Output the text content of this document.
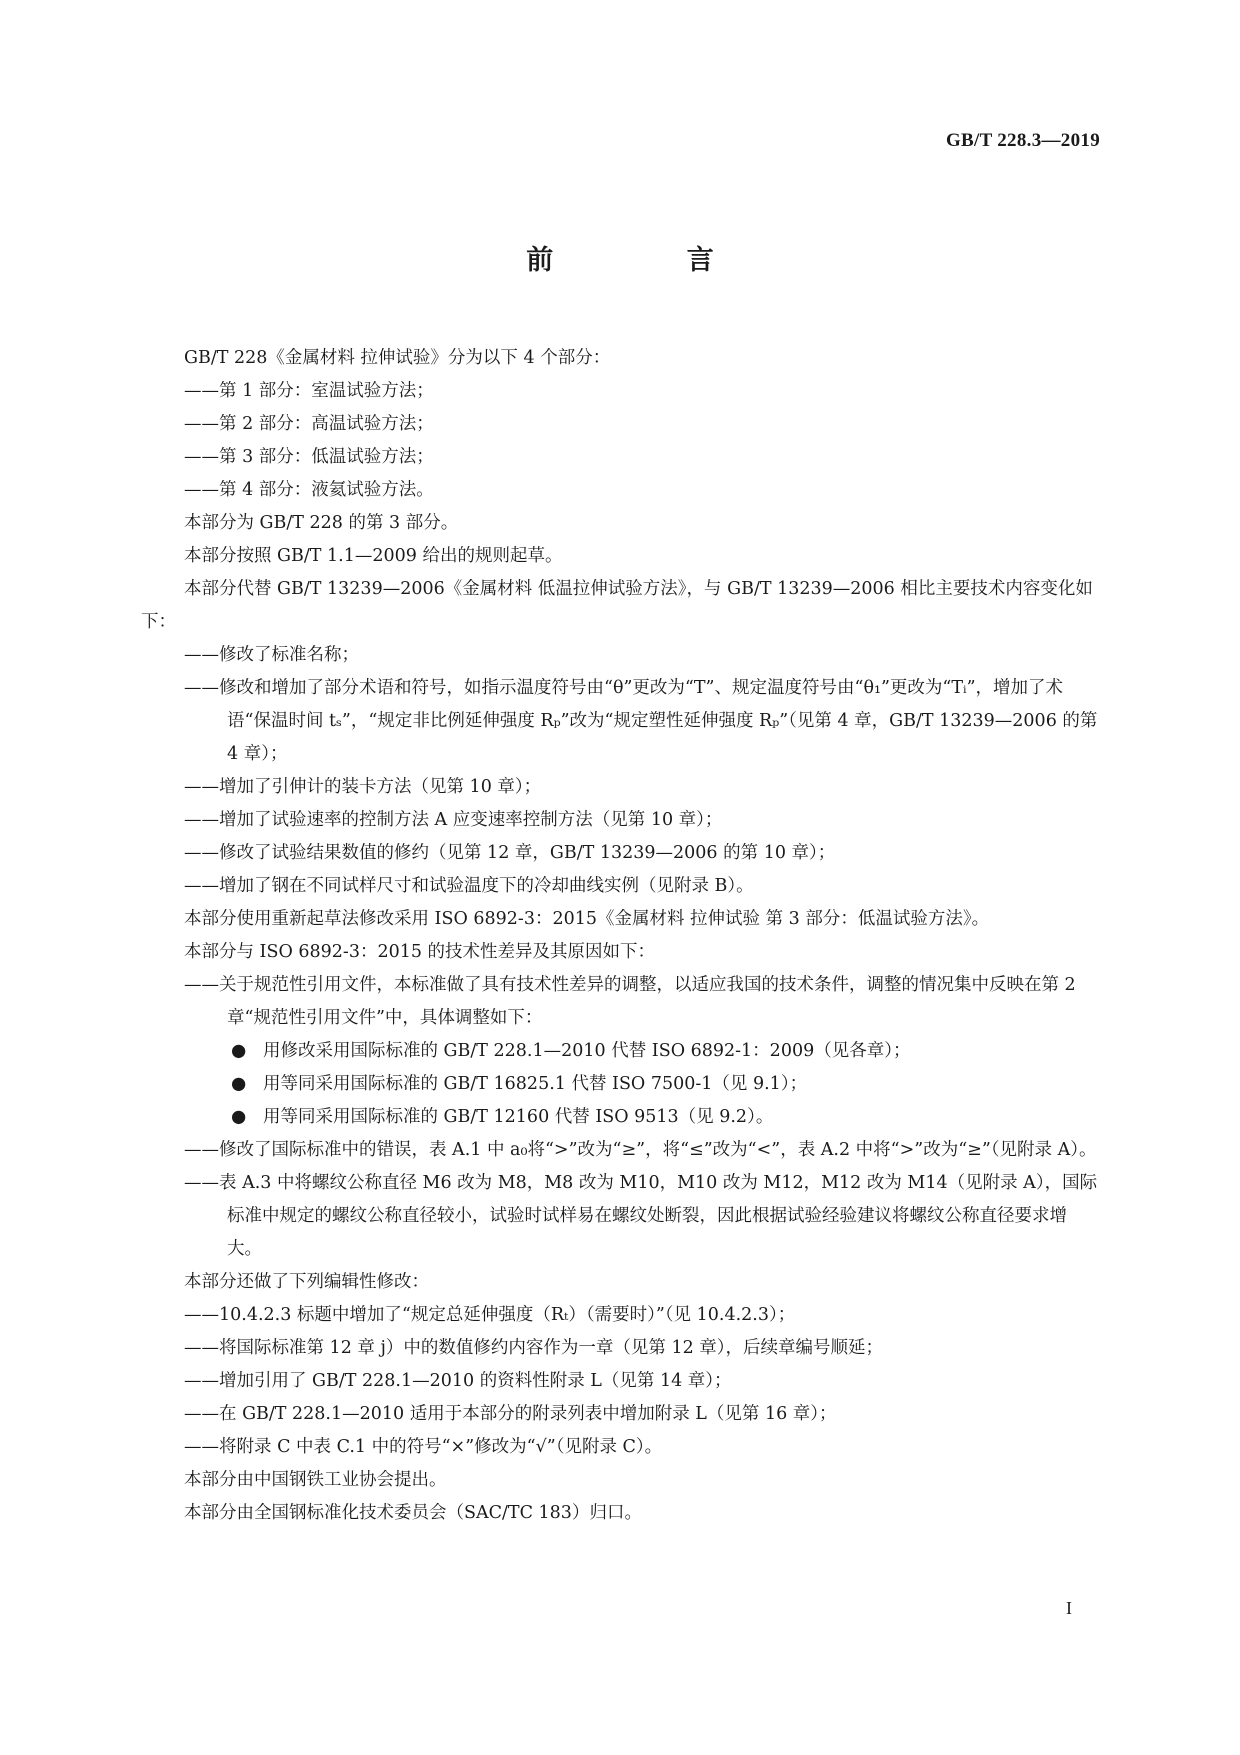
GB/T 228.3—2019
前 言

GB/T 228《金属材料 拉伸试验》分为以下 4 个部分：

——第 1 部分：室温试验方法；

——第 2 部分：高温试验方法；

——第 3 部分：低温试验方法；

——第 4 部分：液氦试验方法。

本部分为 GB/T 228 的第 3 部分。

本部分按照 GB/T 1.1—2009 给出的规则起草。

本部分代替 GB/T 13239—2006《金属材料 低温拉伸试验方法》，与 GB/T 13239—2006 相比主要技术内容变化如下：

——修改了标准名称；

——修改和增加了部分术语和符号，如指示温度符号由“θ”更改为“T”、规定温度符号由“θ₁”更改为“Tᵢ”，增加了术语“保温时间 tₛ”，“规定非比例延伸强度 Rₚ”改为“规定塑性延伸强度 Rₚ”（见第 4 章，GB/T 13239—2006 的第 4 章）；

——增加了引伸计的装卡方法（见第 10 章）；

——增加了试验速率的控制方法 A 应变速率控制方法（见第 10 章）；

——修改了试验结果数值的修约（见第 12 章，GB/T 13239—2006 的第 10 章）；

——增加了钢在不同试样尺寸和试验温度下的冷却曲线实例（见附录 B）。

本部分使用重新起草法修改采用 ISO 6892-3：2015《金属材料 拉伸试验 第 3 部分：低温试验方法》。

本部分与 ISO 6892-3：2015 的技术性差异及其原因如下：

——关于规范性引用文件，本标准做了具有技术性差异的调整，以适应我国的技术条件，调整的情况集中反映在第 2 章“规范性引用文件”中，具体调整如下：

● 用修改采用国际标准的 GB/T 228.1—2010 代替 ISO 6892-1：2009（见各章）；

● 用等同采用国际标准的 GB/T 16825.1 代替 ISO 7500-1（见 9.1）；

● 用等同采用国际标准的 GB/T 12160 代替 ISO 9513（见 9.2）。

——修改了国际标准中的错误，表 A.1 中 a₀将“>”改为“≥”，将“≤”改为“<”，表 A.2 中将“>”改为“≥”（见附录 A）。

——表 A.3 中将螺纹公称直径 M6 改为 M8，M8 改为 M10，M10 改为 M12，M12 改为 M14（见附录 A），国际标准中规定的螺纹公称直径较小，试验时试样易在螺纹处断裂，因此根据试验经验建议将螺纹公称直径要求增大。

本部分还做了下列编辑性修改：

——10.4.2.3 标题中增加了“规定总延伸强度（Rₜ）（需要时）”（见 10.4.2.3）；

——将国际标准第 12 章 j）中的数值修约内容作为一章（见第 12 章），后续章编号顺延；

——增加引用了 GB/T 228.1—2010 的资料性附录 L（见第 14 章）；

——在 GB/T 228.1—2010 适用于本部分的附录列表中增加附录 L（见第 16 章）；

——将附录 C 中表 C.1 中的符号“×”修改为“√”（见附录 C）。

本部分由中国钢铁工业协会提出。

本部分由全国钢标准化技术委员会（SAC/TC 183）归口。

I
